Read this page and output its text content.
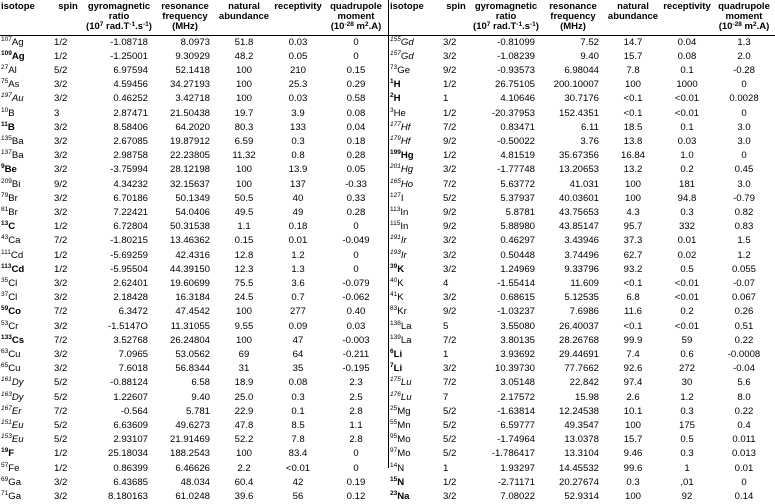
isotope	spin	gyromagnetic ratio
($10^7$ $rad.T^{-1}.s^{-1}$)	resonance frequency
(MHz)	natural abundance	receptivity	quadrupole moment
($10^{-28}$ $m^2.A$)
$^{107}$Ag	1/2	-1.08718	8.0973	51.8	0.03	0
$^{109}$Ag	1/2	-1.25001	9.30929	48.2	0.05	0
$^{27}$Al	5/2	6.97594	52.1418	100	210	0.15
$^{75}$As	3/2	4.59456	34.27193	100	25.3	0.29
$^{197}$Au	3/2	0.46252	3.42718	100	0.03	0.58
$^{10}$B	3	2.87471	21.50438	19.7	3.9	0.08
$^{11}$B	3/2	8.58406	64.2020	80.3	133	0.04
$^{135}$Ba	3/2	2.67085	19.87912	6.59	0.3	0.18
$^{137}$Ba	3/2	2.98758	22.23805	11.32	0.8	0.28
$^9$Be	3/2	-3.75994	28.12198	100	13.9	0.05
$^{209}$Bi	9/2	4.34232	32.15637	100	137	-0.33
$^{79}$Br	3/2	6.70186	50.1349	50.5	40	0.33
$^{81}$Br	3/2	7.22421	54.0406	49.5	49	0.28
$^{13}$C	1/2	6.72804	50.31538	1.1	0.18	0
$^{43}$Ca	7/2	-1.80215	13.46362	0.15	0.01	-0.049
$^{111}$Cd	1/2	-5.69259	42.4316	12.8	1.2	0
$^{113}$Cd	1/2	-5.95504	44.39150	12.3	1.3	0
$^{35}$Cl	3/2	2.62401	19.60699	75.5	3.6	-0.079
$^{37}$Cl	3/2	2.18428	16.3184	24.5	0.7	-0.062
$^{59}$Co	7/2	6.3472	47.4542	100	277	0.40
$^{53}$Cr	3/2	-1.5147O	11.31055	9.55	0.09	0.03
$^{133}$Cs	7/2	3.52768	26.24804	100	47	-0.003
$^{63}$Cu	3/2	7.0965	53.0562	69	64	-0.211
$^{65}$Cu	3/2	7.6018	56.8344	31	35	-0.195
$^{161}$Dy	5/2	-0.88124	6.58	18.9	0.08	2.3
$^{163}$Dy	5/2	1.22607	9.40	25.0	0.3	2.5
$^{167}$Er	7/2	-0.564	5.781	22.9	0.1	2.8
$^{151}$Eu	5/2	6.63609	49.6273	47.8	8.5	1.1
$^{153}$Eu	5/2	2.93107	21.91469	52.2	7.8	2.8
$^{19}$F	1/2	25.18034	188.2543	100	83.4	0
$^{57}$Fe	1/2	0.86399	6.46626	2.2	<0.01	0
$^{69}$Ga	3/2	6.43685	48.034	60.4	42	0.19
$^{71}$Ga	3/2	8.180163	61.0248	39.6	56	0.12
isotope	spin	gyromagnetic ratio
($10^7$ $rad.T^{-1}.s^{-1}$)	resonance frequency
(MHz)	natural abundance	receptivity	quadrupole moment
($10^{-28}$ $m^2.A$)
$^{155}$Gd	3/2	-0.81099	7.52	14.7	0.04	1.3
$^{157}$Gd	3/2	-1.08239	9.40	15.7	0.08	2.0
$^{73}$Ge	9/2	-0.93573	6.98044	7.8	0.1	-0.28
$^1$H	1/2	26.75105	200.10007	100	1000	0
$^2$H	1	4.10646	30.7176	<0.1	<0.01	0.0028
$^3$He	1/2	-20.37953	152.4351	<0.1	<0.01	0
$^{177}$Hf	7/2	0.83471	6.11	18.5	0.1	3.0
$^{179}$Hf	9/2	-0.50022	3.76	13.8	0.03	3.0
$^{199}$Hg	1/2	4.81519	35.67356	16.84	1.0	0
$^{201}$Hg	3/2	-1.77748	13.20653	13.2	0.2	0.45
$^{165}$Ho	7/2	5.63772	41.031	100	181	3.0
$^{127}$I	5/2	5.37937	40.03601	100	94.8	-0.79
$^{113}$In	9/2	5.8781	43.75653	4.3	0.3	0.82
$^{115}$In	9/2	5.88980	43.85147	95.7	332	0.83
$^{191}$Ir	3/2	0.46297	3.43946	37.3	0.01	1.5
$^{193}$Ir	3/2	0.50448	3.74496	62.7	0.02	1.2
$^{39}$K	3/2	1.24969	9.33796	93.2	0.5	0.055
$^{40}$K	4	-1.55414	11.609	<0.1	<0.01	-0.07
$^{41}$K	3/2	0.68615	5.12535	6.8	<0.01	0.067
$^{83}$Kr	9/2	-1.03237	7.6986	11.6	0.2	0.26
$^{138}$La	5	3.55080	26.40037	<0.1	<0.01	0.51
$^{139}$La	7/2	3.80135	28.26768	99.9	59	0.22
$^6$Li	1	3.93692	29.44691	7.4	0.6	-0.0008
$^7$Li	3/2	10.39730	77.7662	92.6	272	-0.04
$^{175}$Lu	7/2	3.05148	22.842	97.4	30	5.6
$^{176}$Lu	7	2.17572	15.98	2.6	1.2	8.0
$^{25}$Mg	5/2	-1.63814	12.24538	10.1	0.3	0.22
$^{55}$Mn	5/2	6.59777	49.3547	100	175	0.4
$^{95}$Mo	5/2	-1.74964	13.0378	15.7	0.5	0.011
$^{97}$Mo	5/2	-1.786417	13.3104	9.46	0.3	0.013
$^{14}$N	1	1.93297	14.45532	99.6	1	0.01
$^{15}$N	1/2	-2.71171	20.27674	0.3	,01	0
$^{23}$Na	3/2	7.08022	52.9314	100	92	0.14
